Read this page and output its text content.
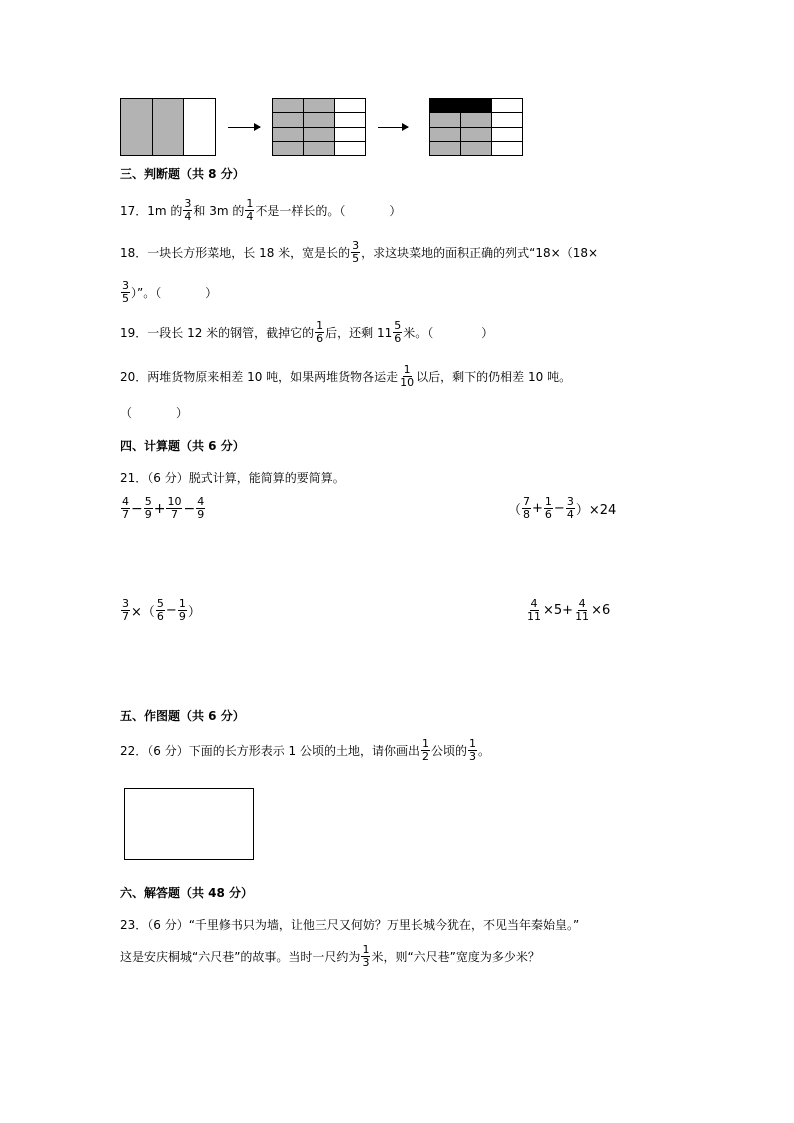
三、判断题（共 8 分）
17．1m 的 $\frac{3}{4}$ 和 3m 的 $\frac{1}{4}$ 不是一样长的。（	）
18．一块长方形菜地，长 18 米，宽是长的 $\frac{3}{5}$ ，求这块菜地的面积正确的列式“18×（18×
$\frac{3}{5}$ ）”。（	）
19．一段长 12 米的钢管，截掉它的 $\frac{1}{6}$ 后，还剩 $11 \frac{5}{6}$ 米。（	）
20．两堆货物原来相差 10 吨，如果两堆货物各运走 $\frac{1}{10}$ 以后，剩下的仍相差 10 吨。
（	）
四、计算题（共 6 分）
21．（6 分）脱式计算，能简算的要简算。
$\frac{4}{7} - \frac{5}{9} + \frac{10}{7} - \frac{4}{9}$	（ $\frac{7}{8} + \frac{1}{6} - \frac{3}{4} )\times 24$
$\frac{3}{7}$ ×（ $\frac{5}{6} - \frac{1}{9}$ ）	$\frac{4}{11} \times 5+ \frac{4}{11} \times 6$
五、作图题（共 6 分）
22．（6 分）下面的长方形表示 1 公顷的土地，请你画出 $\frac{1}{2}$ 公顷的 $\frac{1}{3}$ 。
六、解答题（共 48 分）
23．（6 分）“千里修书只为墙，让他三尺又何妨？万里长城今犹在，不见当年秦始皇。”
这是安庆桐城“六尺巷”的故事。当时一尺约为 $\frac{1}{3}$ 米，则“六尺巷”宽度为多少米？
